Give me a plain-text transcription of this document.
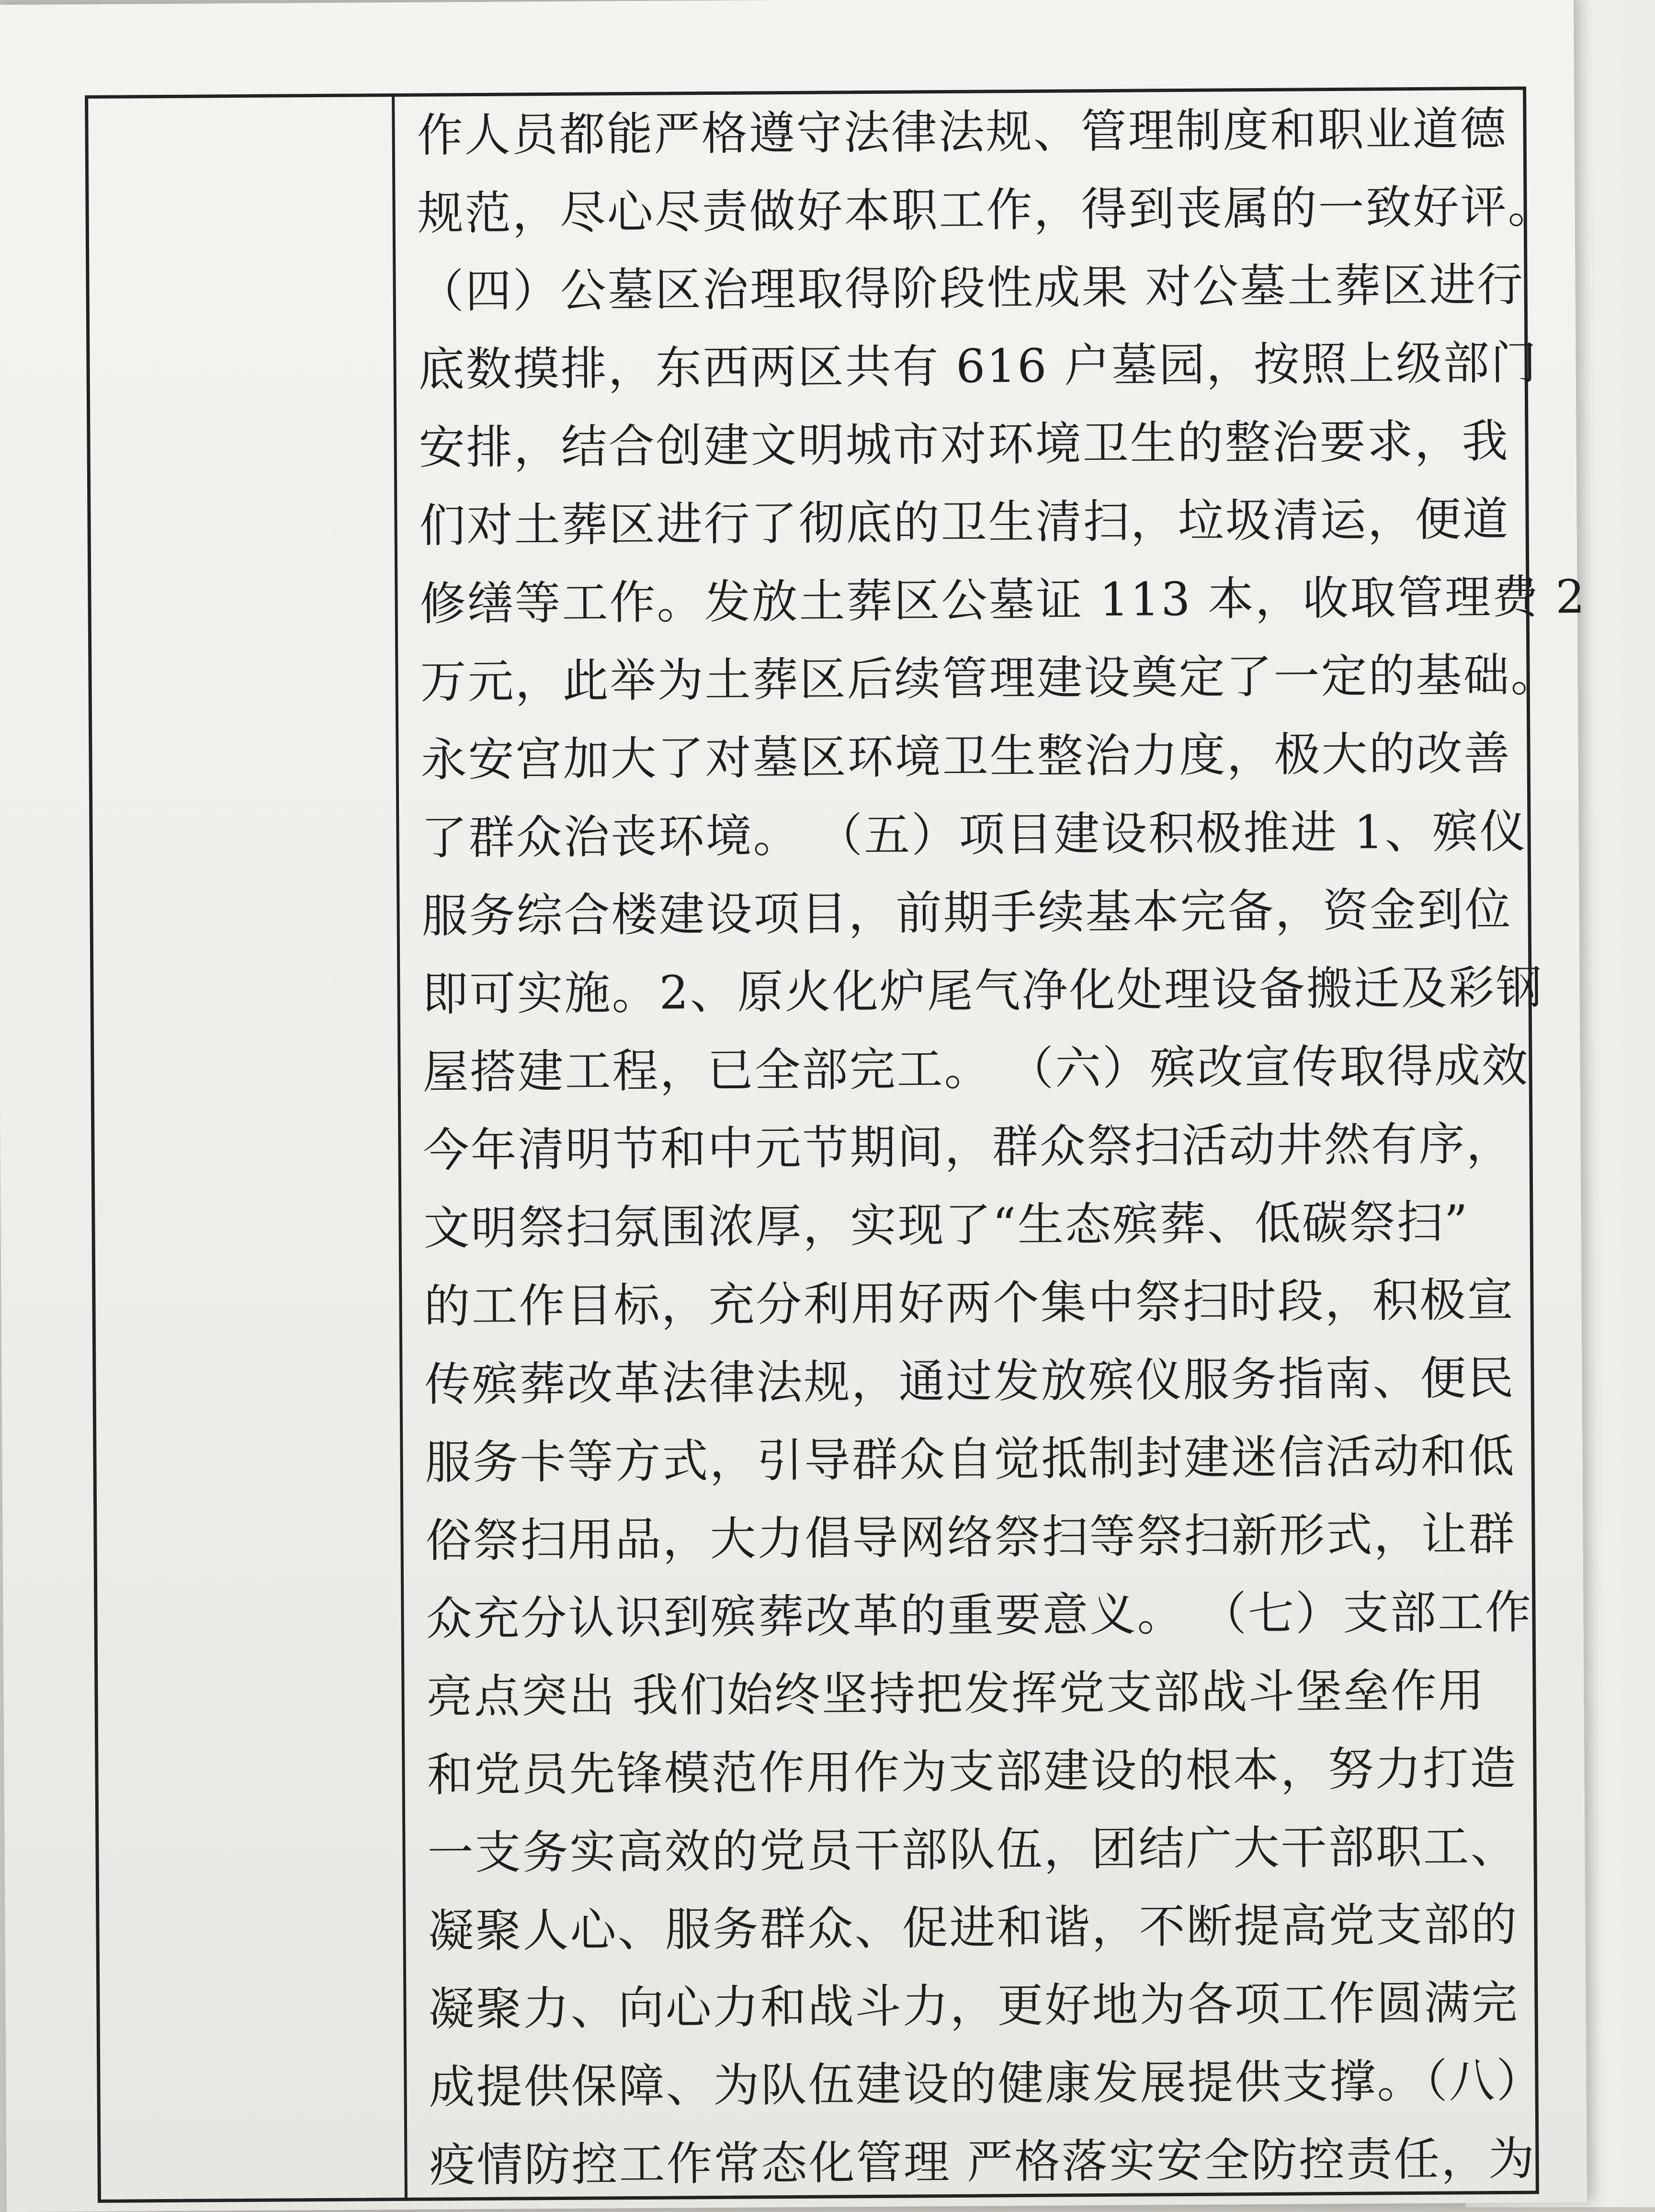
作人员都能严格遵守法律法规、管理制度和职业道德

规范，尽心尽责做好本职工作，得到丧属的一致好评。

（四）公墓区治理取得阶段性成果 对公墓土葬区进行

底数摸排，东西两区共有 616 户墓园，按照上级部门

安排，结合创建文明城市对环境卫生的整治要求，我

们对土葬区进行了彻底的卫生清扫，垃圾清运，便道

修缮等工作。发放土葬区公墓证 113 本，收取管理费 2

万元，此举为土葬区后续管理建设奠定了一定的基础。

永安宫加大了对墓区环境卫生整治力度，极大的改善

了群众治丧环境。 （五）项目建设积极推进 1、殡仪

服务综合楼建设项目，前期手续基本完备，资金到位

即可实施。2、原火化炉尾气净化处理设备搬迁及彩钢

屋搭建工程，已全部完工。 （六）殡改宣传取得成效

今年清明节和中元节期间，群众祭扫活动井然有序，

文明祭扫氛围浓厚，实现了“生态殡葬、低碳祭扫”

的工作目标，充分利用好两个集中祭扫时段，积极宣

传殡葬改革法律法规，通过发放殡仪服务指南、便民

服务卡等方式，引导群众自觉抵制封建迷信活动和低

俗祭扫用品，大力倡导网络祭扫等祭扫新形式，让群

众充分认识到殡葬改革的重要意义。 （七）支部工作

亮点突出 我们始终坚持把发挥党支部战斗堡垒作用

和党员先锋模范作用作为支部建设的根本，努力打造

一支务实高效的党员干部队伍，团结广大干部职工、

凝聚人心、服务群众、促进和谐，不断提高党支部的

凝聚力、向心力和战斗力，更好地为各项工作圆满完

成提供保障、为队伍建设的健康发展提供支撑。（八）

疫情防控工作常态化管理 严格落实安全防控责任，为
